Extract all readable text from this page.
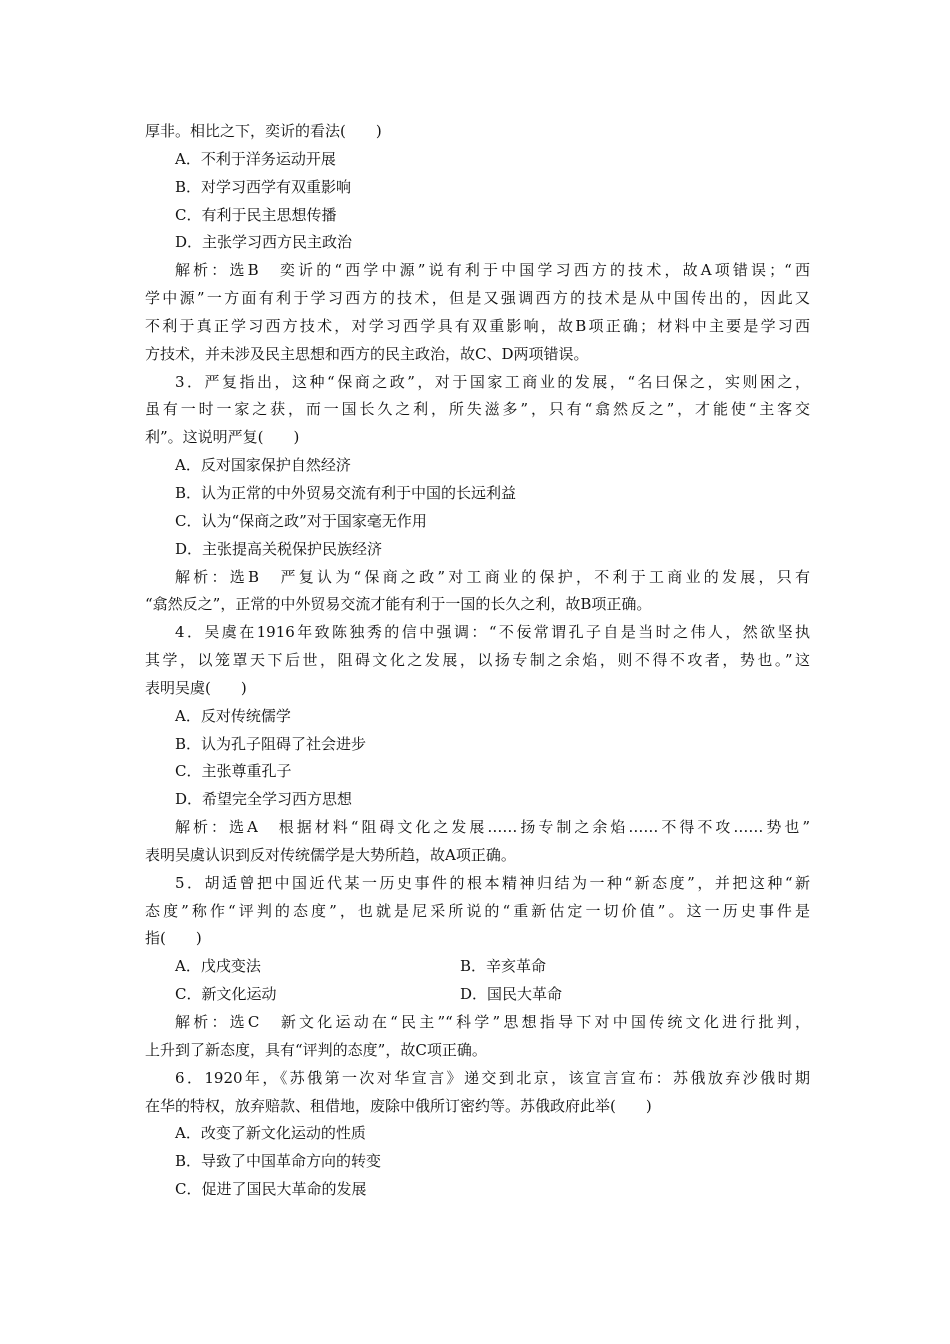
厚非。相比之下，奕䜣的看法(　　)
A．不利于洋务运动开展
B．对学习西学有双重影响
C．有利于民主思想传播
D．主张学习西方民主政治
解析：选B　奕䜣的“西学中源”说有利于中国学习西方的技术，故A项错误；“西
学中源”一方面有利于学习西方的技术，但是又强调西方的技术是从中国传出的，因此又
不利于真正学习西方技术，对学习西学具有双重影响，故B项正确；材料中主要是学习西
方技术，并未涉及民主思想和西方的民主政治，故C、D两项错误。
3．严复指出，这种“保商之政”，对于国家工商业的发展，“名曰保之，实则困之，
虽有一时一家之获，而一国长久之利，所失滋多”，只有“翕然反之”，才能使“主客交
利”。这说明严复(　　)
A．反对国家保护自然经济
B．认为正常的中外贸易交流有利于中国的长远利益
C．认为“保商之政”对于国家毫无作用
D．主张提高关税保护民族经济
解析：选B　严复认为“保商之政”对工商业的保护，不利于工商业的发展，只有
“翕然反之”，正常的中外贸易交流才能有利于一国的长久之利，故B项正确。
4．吴虞在1916年致陈独秀的信中强调：“不佞常谓孔子自是当时之伟人，然欲坚执
其学，以笼罩天下后世，阻碍文化之发展，以扬专制之余焰，则不得不攻者，势也。”这
表明吴虞(　　)
A．反对传统儒学
B．认为孔子阻碍了社会进步
C．主张尊重孔子
D．希望完全学习西方思想
解析：选A　根据材料“阻碍文化之发展……扬专制之余焰……不得不攻……势也”
表明吴虞认识到反对传统儒学是大势所趋，故A项正确。
5．胡适曾把中国近代某一历史事件的根本精神归结为一种“新态度”，并把这种“新
态度”称作“评判的态度”，也就是尼采所说的“重新估定一切价值”。这一历史事件是
指(　　)
A．戊戌变法	B．辛亥革命
C．新文化运动	D．国民大革命
解析：选C　新文化运动在“民主”“科学”思想指导下对中国传统文化进行批判，
上升到了新态度，具有“评判的态度”，故C项正确。
6．1920年，《苏俄第一次对华宣言》递交到北京，该宣言宣布：苏俄放弃沙俄时期
在华的特权，放弃赔款、租借地，废除中俄所订密约等。苏俄政府此举(　　)
A．改变了新文化运动的性质
B．导致了中国革命方向的转变
C．促进了国民大革命的发展
